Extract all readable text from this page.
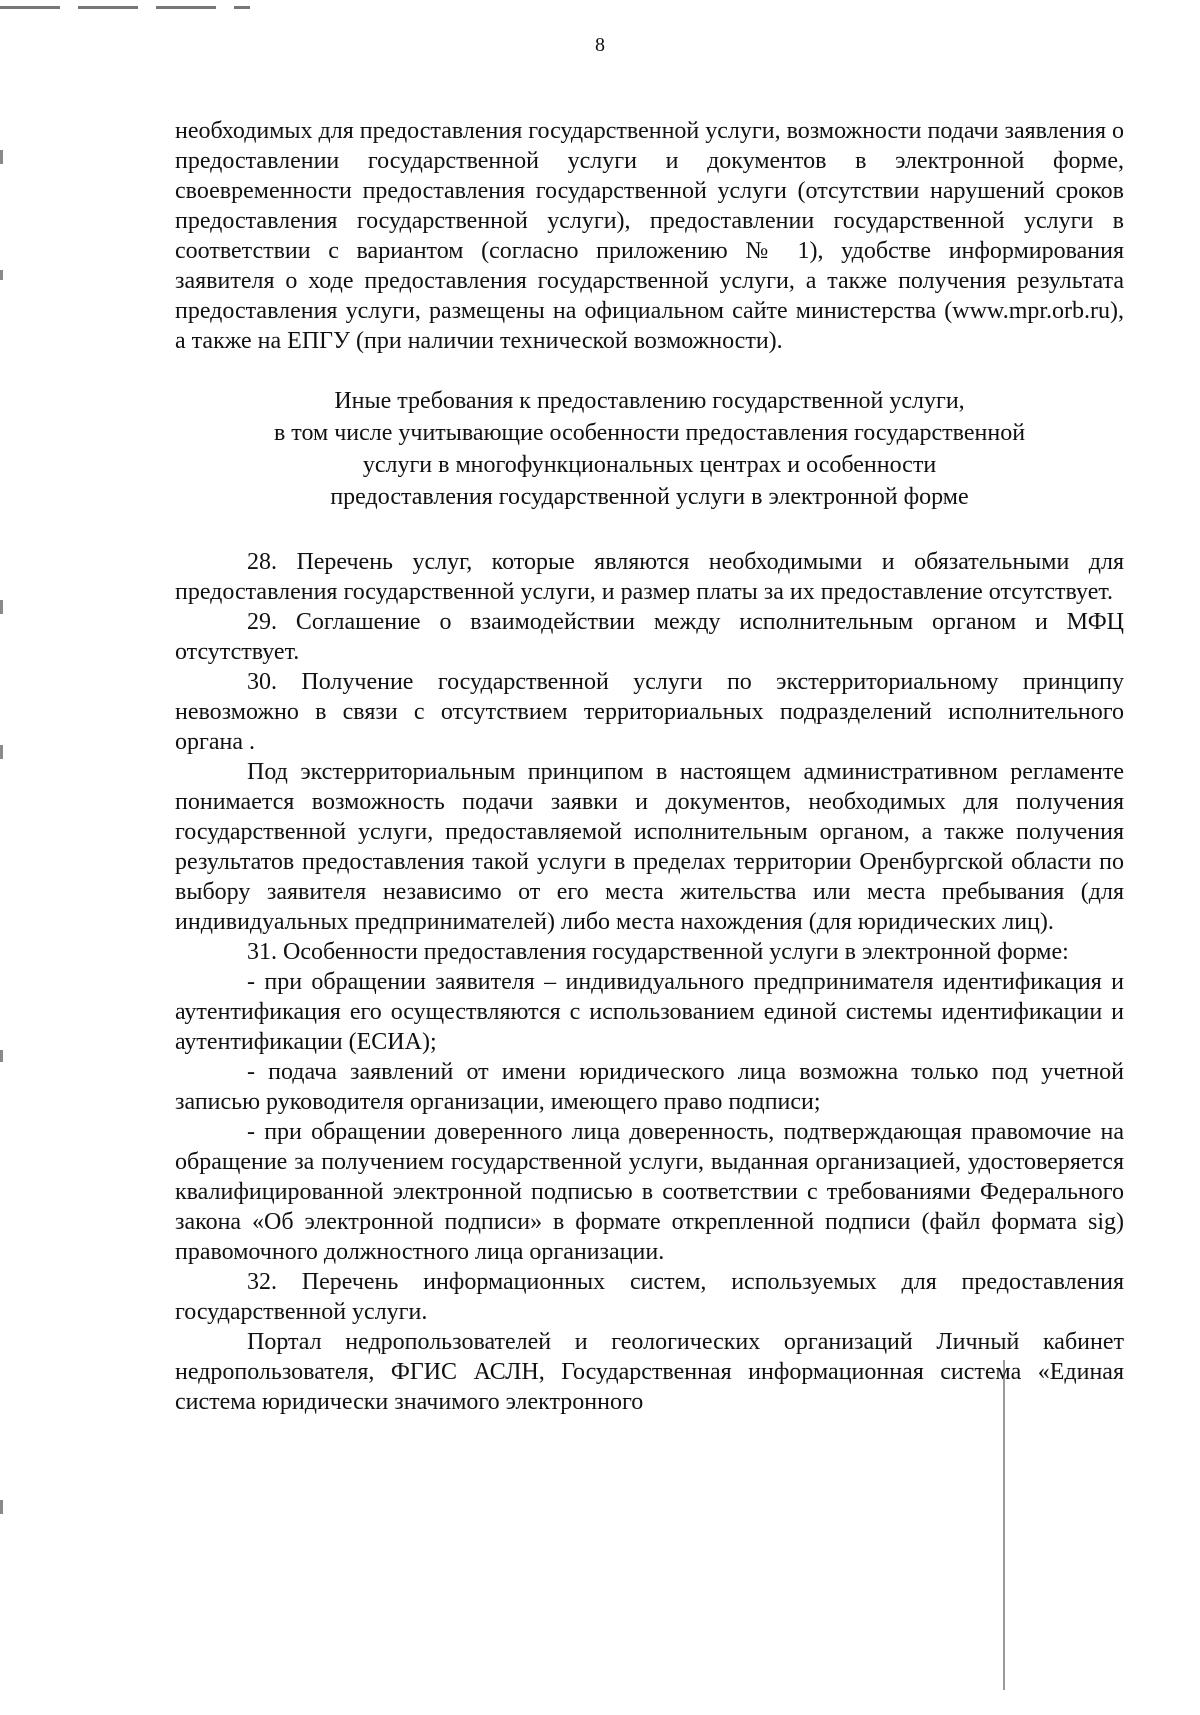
8

необходимых для предоставления государственной услуги, возможности подачи заявления о предоставлении государственной услуги и документов в электронной форме, своевременности предоставления государственной услуги (отсутствии нарушений сроков предоставления государственной услуги), предоставлении государственной услуги в соответствии с вариантом (согласно приложению № 1), удобстве информирования заявителя о ходе предоставления государственной услуги, а также получения результата предоставления услуги, размещены на официальном сайте министерства (www.mpr.orb.ru), а также на ЕПГУ (при наличии технической возможности).

Иные требования к предоставлению государственной услуги,

в том числе учитывающие особенности предоставления государственной

услуги в многофункциональных центрах и особенности

предоставления государственной услуги в электронной форме

28. Перечень услуг, которые являются необходимыми и обязательными для предоставления государственной услуги, и размер платы за их предоставление отсутствует.

29. Соглашение о взаимодействии между исполнительным органом и МФЦ отсутствует.

30. Получение государственной услуги по экстерриториальному принципу невозможно в связи с отсутствием территориальных подразделений исполнительного органа .

Под экстерриториальным принципом в настоящем административном регламенте понимается возможность подачи заявки и документов, необходимых для получения государственной услуги, предоставляемой исполнительным органом, а также получения результатов предоставления такой услуги в пределах территории Оренбургской области по выбору заявителя независимо от его места жительства или места пребывания (для индивидуальных предпринимателей) либо места нахождения (для юридических лиц).

31. Особенности предоставления государственной услуги в электронной форме:

- при обращении заявителя – индивидуального предпринимателя идентификация и аутентификация его осуществляются с использованием единой системы идентификации и аутентификации (ЕСИА);

- подача заявлений от имени юридического лица возможна только под учетной записью руководителя организации, имеющего право подписи;

- при обращении доверенного лица доверенность, подтверждающая правомочие на обращение за получением государственной услуги, выданная организацией, удостоверяется квалифицированной электронной подписью в соответствии с требованиями Федерального закона «Об электронной подписи» в формате открепленной подписи (файл формата sig) правомочного должностного лица организации.

32. Перечень информационных систем, используемых для предоставления государственной услуги.

Портал недропользователей и геологических организаций Личный кабинет недропользователя, ФГИС АСЛН, Государственная информационная система «Единая система юридически значимого электронного
